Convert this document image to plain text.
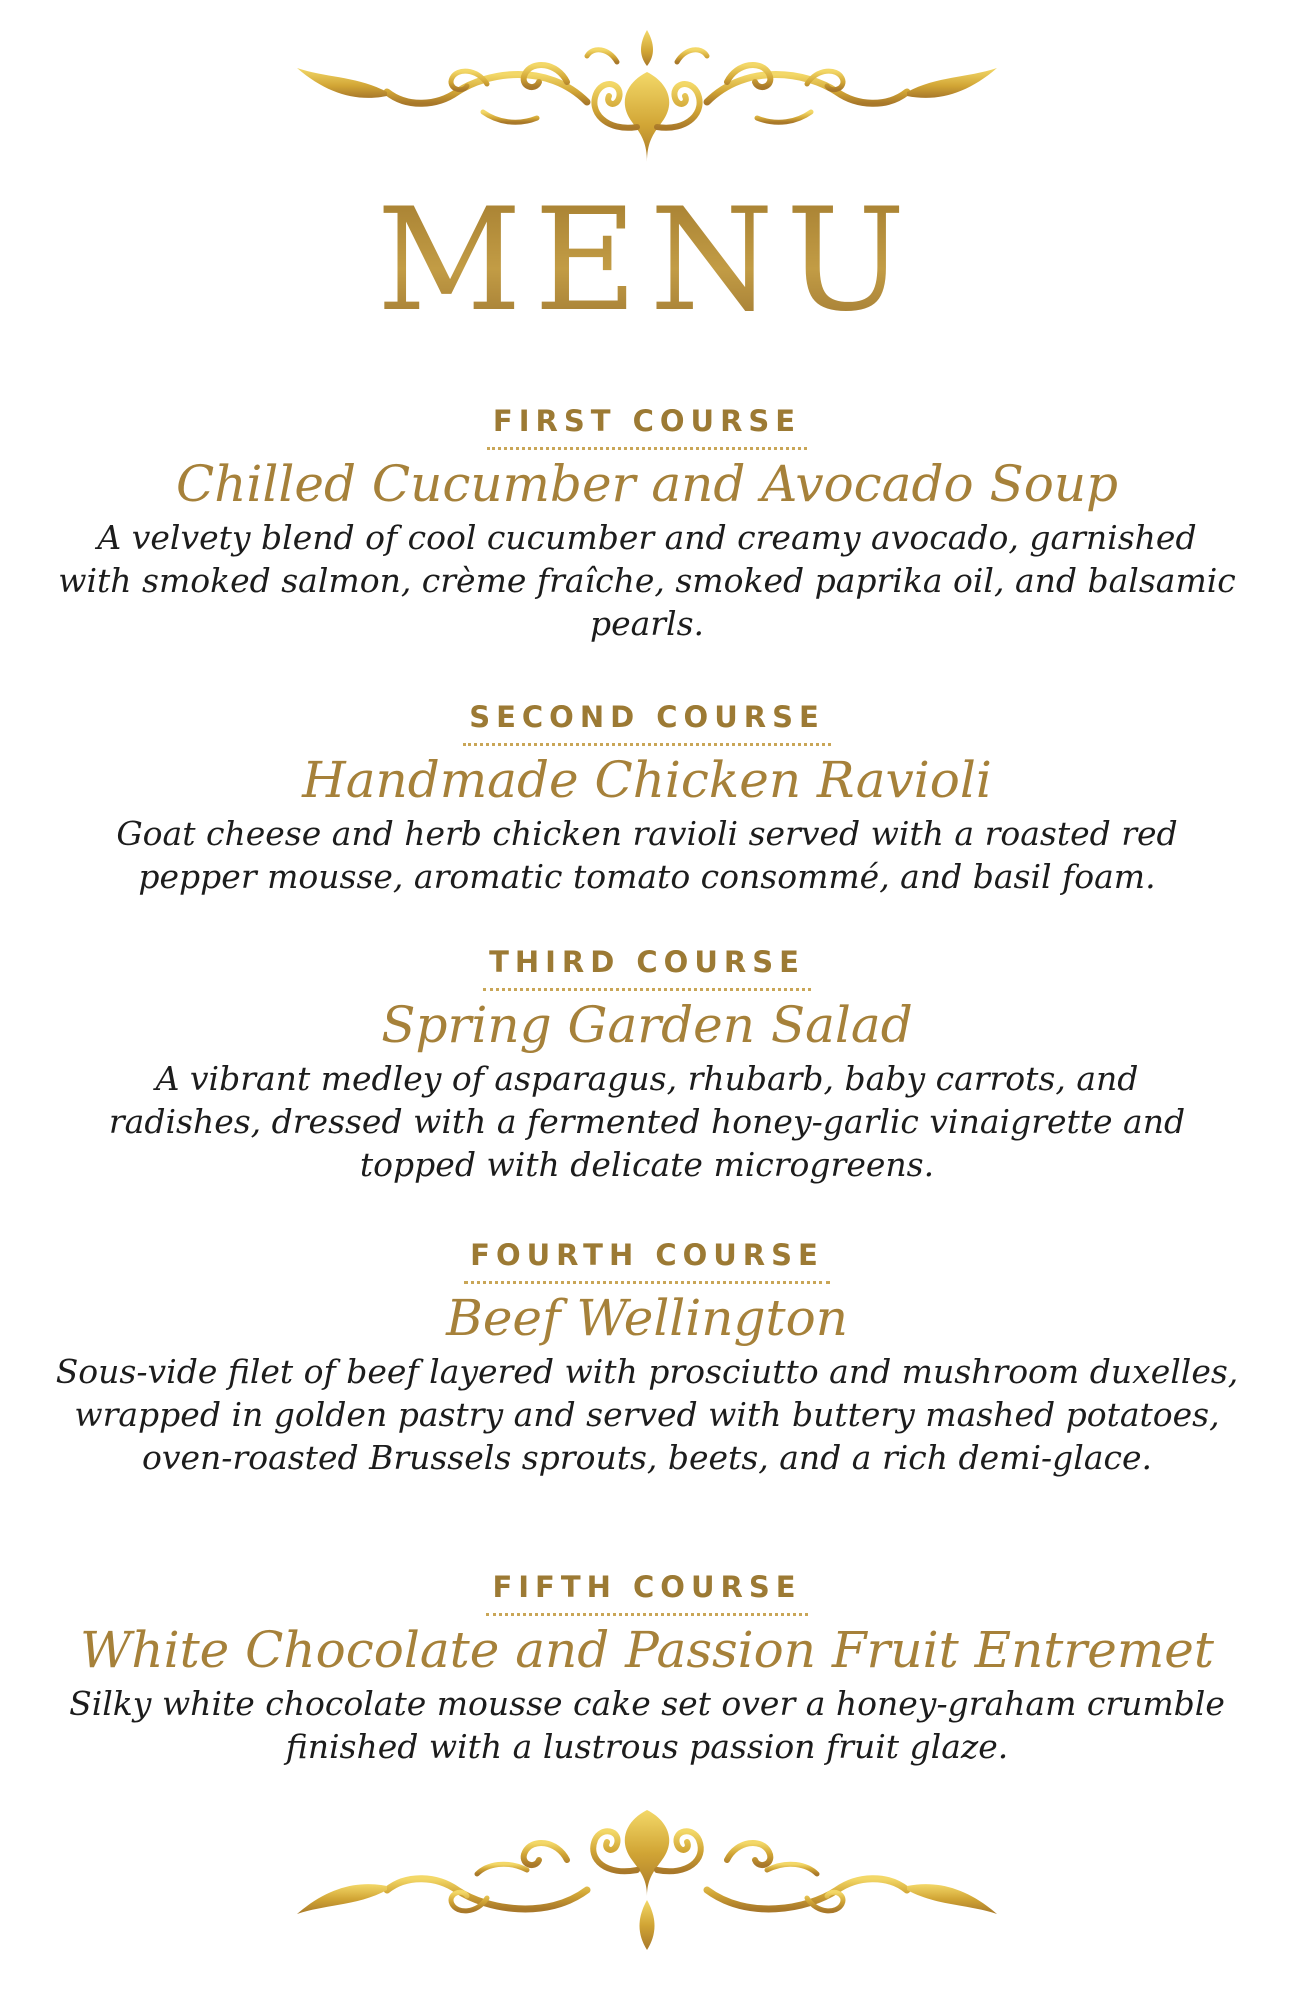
MENU
FIRST COURSE
Chilled Cucumber and Avocado Soup
A velvety blend of cool cucumber and creamy avocado, garnished with smoked salmon, crème fraîche, smoked paprika oil, and balsamic pearls.
SECOND COURSE
Handmade Chicken Ravioli
Goat cheese and herb chicken ravioli served with a roasted red pepper mousse, aromatic tomato consommé, and basil foam.
THIRD COURSE
Spring Garden Salad
A vibrant medley of asparagus, rhubarb, baby carrots, and radishes, dressed with a fermented honey-garlic vinaigrette and topped with delicate microgreens.
FOURTH COURSE
Beef Wellington
Sous-vide filet of beef layered with prosciutto and mushroom duxelles, wrapped in golden pastry and served with buttery mashed potatoes, oven-roasted Brussels sprouts, beets, and a rich demi-glace.
FIFTH COURSE
White Chocolate and Passion Fruit Entremet
Silky white chocolate mousse cake set over a honey-graham crumble finished with a lustrous passion fruit glaze.
